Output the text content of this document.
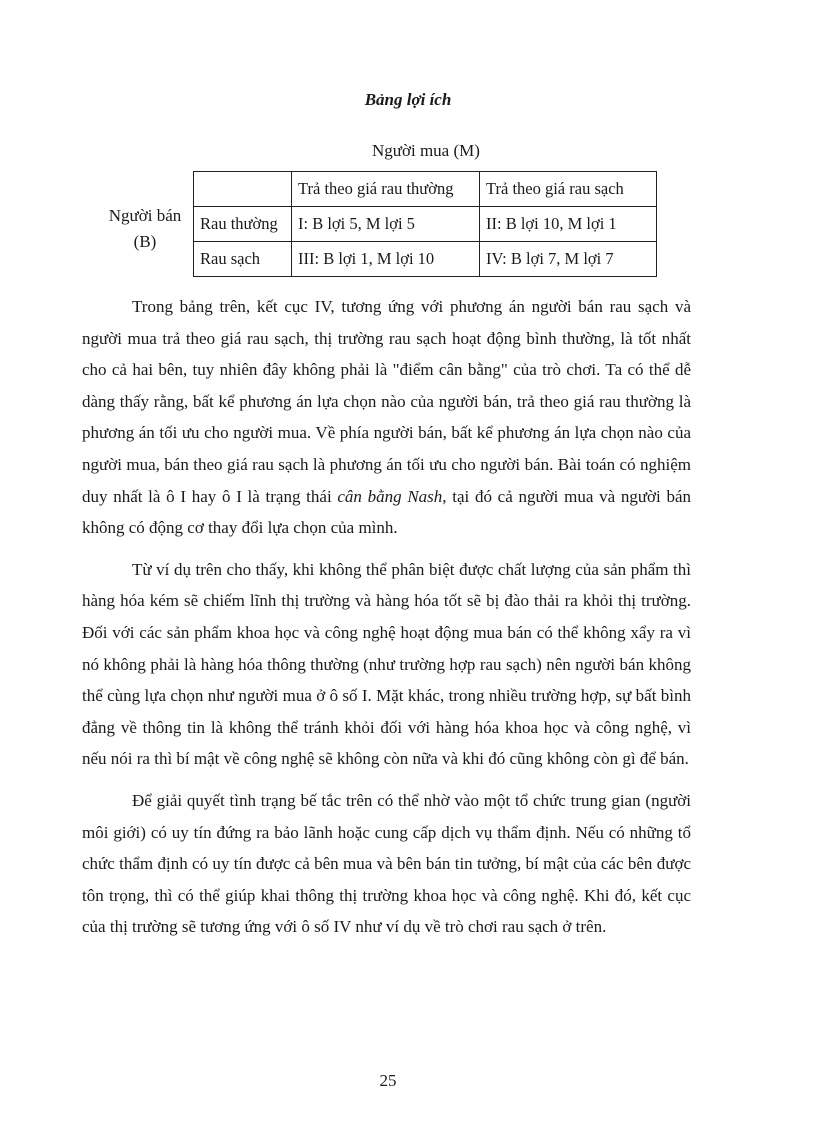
Bảng lợi ích
Người mua (M)
Người bán
(B)
	Trả theo giá rau thường	Trả theo giá rau sạch
Rau thường	I: B lợi 5, M lợi 5	II: B lợi 10, M lợi 1
Rau sạch	III: B lợi 1, M lợi 10	IV: B lợi 7, M lợi 7

Trong bảng trên, kết cục IV, tương ứng với phương án người bán rau sạch và người mua trả theo giá rau sạch, thị trường rau sạch hoạt động bình thường, là tốt nhất cho cả hai bên, tuy nhiên đây không phải là "điểm cân bằng" của trò chơi. Ta có thể dễ dàng thấy rằng, bất kể phương án lựa chọn nào của người bán, trả theo giá rau thường là phương án tối ưu cho người mua. Về phía người bán, bất kể phương án lựa chọn nào của người mua, bán theo giá rau sạch là phương án tối ưu cho người bán. Bài toán có nghiệm duy nhất là ô I hay ô I là trạng thái cân bằng Nash, tại đó cả người mua và người bán không có động cơ thay đổi lựa chọn của mình.

Từ ví dụ trên cho thấy, khi không thể phân biệt được chất lượng của sản phẩm thì hàng hóa kém sẽ chiếm lĩnh thị trường và hàng hóa tốt sẽ bị đào thải ra khỏi thị trường. Đối với các sản phẩm khoa học và công nghệ hoạt động mua bán có thể không xẩy ra vì nó không phải là hàng hóa thông thường (như trường hợp rau sạch) nên người bán không thể cùng lựa chọn như người mua ở ô số I. Mặt khác, trong nhiều trường hợp, sự bất bình đẳng về thông tin là không thể tránh khỏi đối với hàng hóa khoa học và công nghệ, vì nếu nói ra thì bí mật về công nghệ sẽ không còn nữa và khi đó cũng không còn gì để bán.

Để giải quyết tình trạng bế tắc trên có thể nhờ vào một tổ chức trung gian (người môi giới) có uy tín đứng ra bảo lãnh hoặc cung cấp dịch vụ thẩm định. Nếu có những tổ chức thẩm định có uy tín được cả bên mua và bên bán tin tưởng, bí mật của các bên được tôn trọng, thì có thể giúp khai thông thị trường khoa học và công nghệ. Khi đó, kết cục của thị trường sẽ tương ứng với ô số IV như ví dụ về trò chơi rau sạch ở trên.

25
